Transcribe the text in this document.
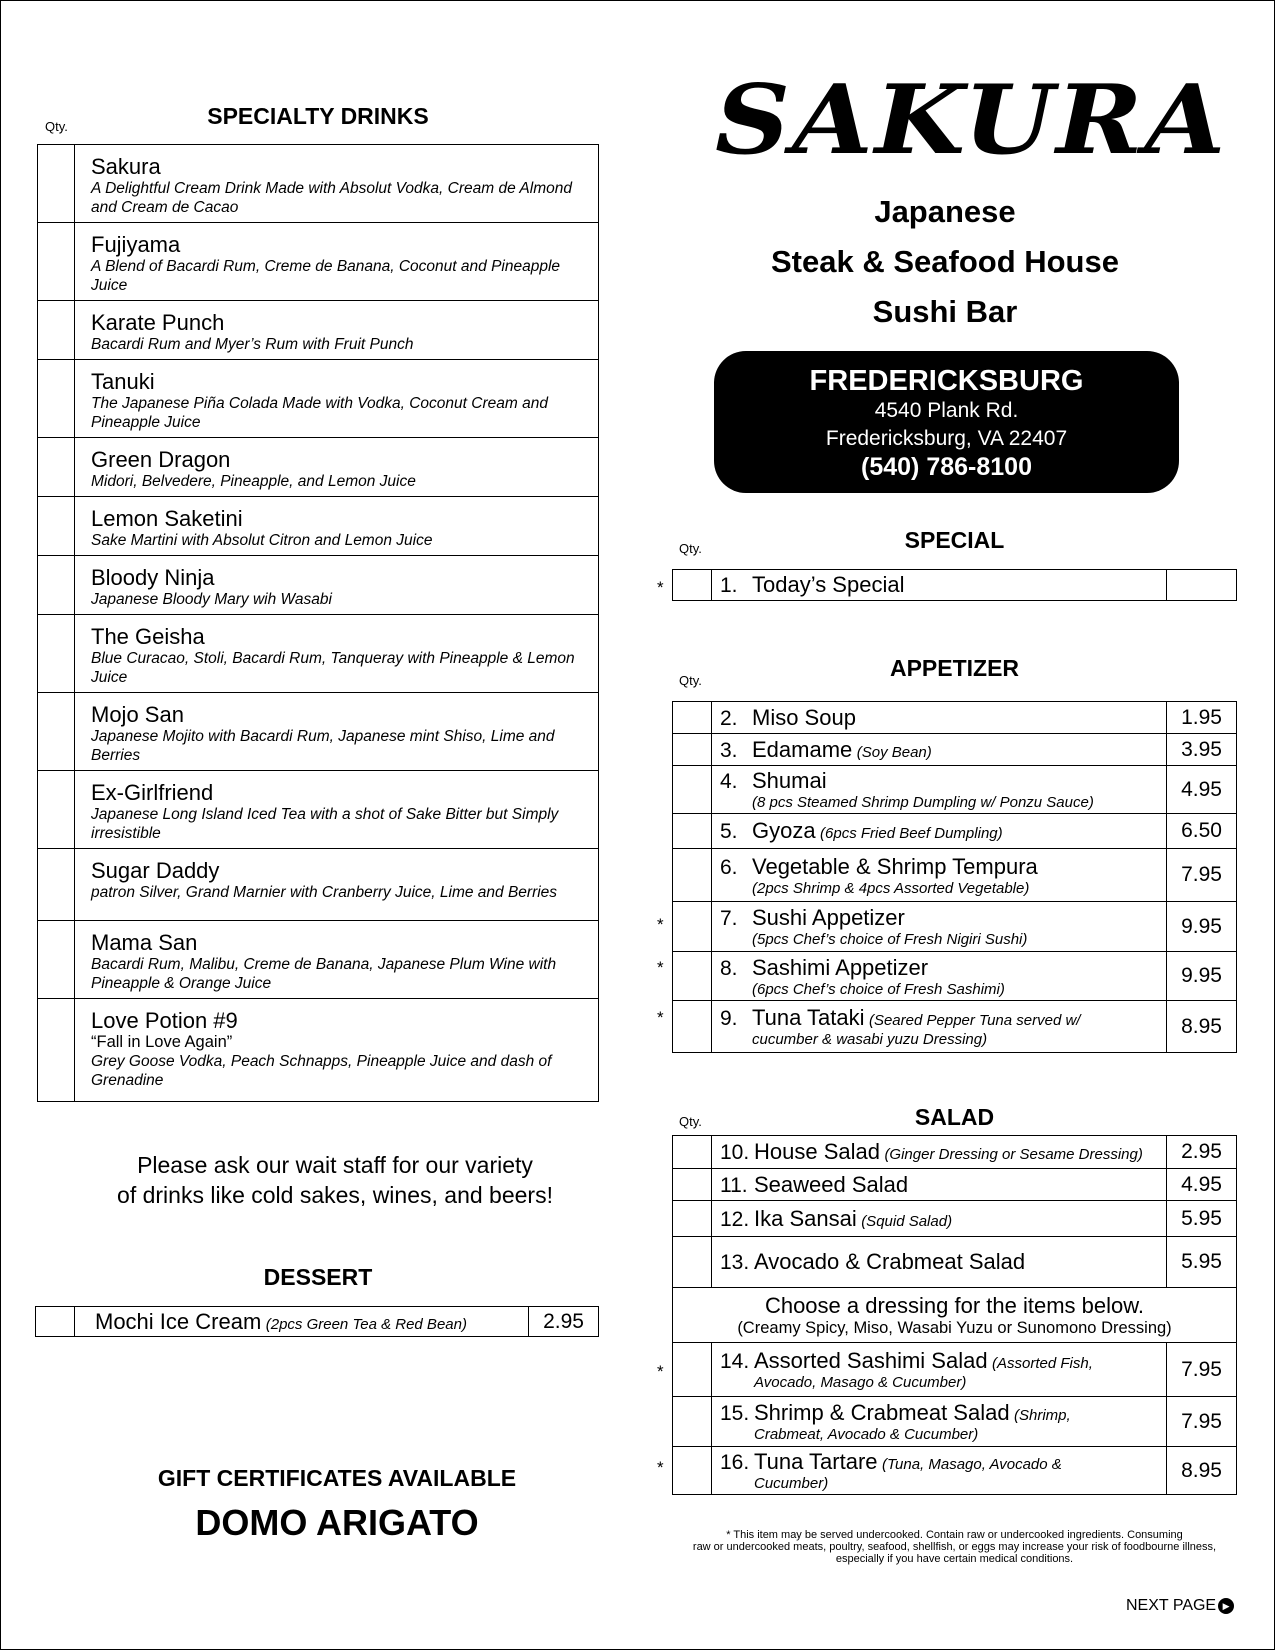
Qty.	SPECIALTY DRINKS

	Sakura
A Delightful Cream Drink Made with Absolut Vodka, Cream de Almond and Cream de Cacao

	Fujiyama
A Blend of Bacardi Rum, Creme de Banana, Coconut and Pineapple Juice

	Karate Punch
Bacardi Rum and Myer’s Rum with Fruit Punch

	Tanuki
The Japanese Piña Colada Made with Vodka, Coconut Cream and Pineapple Juice

	Green Dragon
Midori, Belvedere, Pineapple, and Lemon Juice

	Lemon Saketini
Sake Martini with Absolut Citron and Lemon Juice

	Bloody Ninja
Japanese Bloody Mary wih Wasabi

	The Geisha
Blue Curacao, Stoli, Bacardi Rum, Tanqueray with Pineapple & Lemon Juice

	Mojo San
Japanese Mojito with Bacardi Rum, Japanese mint Shiso, Lime and Berries

	Ex-Girlfriend
Japanese Long Island Iced Tea with a shot of Sake Bitter but Simply irresistible

	Sugar Daddy
patron Silver, Grand Marnier with Cranberry Juice, Lime and Berries

	Mama San
Bacardi Rum, Malibu, Creme de Banana, Japanese Plum Wine with Pineapple & Orange Juice

	Love Potion #9
“Fall in Love Again”
Grey Goose Vodka, Peach Schnapps, Pineapple Juice and dash of Grenadine
Please ask our wait staff for our variety
of drinks like cold sakes, wines, and beers!
DESSERT
	Mochi Ice Cream (2pcs Green Tea & Red Bean)	2.95
GIFT CERTIFICATES AVAILABLE
DOMO ARIGATO
SAKURA
Japanese
Steak & Seafood House
Sushi Bar
FREDERICKSBURG
4540 Plank Rd.
Fredericksburg, VA 22407
(540) 786-8100
Qty.	SPECIAL
*
		1. Today’s Special	
Qty.	APPETIZER
*
*
*
	2. Miso Soup	1.95
	3. Edamame (Soy Bean)	3.95
	4. Shumai
(8 pcs Steamed Shrimp Dumpling w/ Ponzu Sauce)	4.95
	5. Gyoza (6pcs Fried Beef Dumpling)	6.50
	6. Vegetable & Shrimp Tempura
(2pcs Shrimp & 4pcs Assorted Vegetable)	7.95
	7. Sushi Appetizer
(5pcs Chef’s choice of Fresh Nigiri Sushi)	9.95
	8. Sashimi Appetizer
(6pcs Chef’s choice of Fresh Sashimi)	9.95
	9. Tuna Tataki (Seared Pepper Tuna served w/
cucumber & wasabi yuzu Dressing)	8.95
Qty.	SALAD
*
*
	10. House Salad (Ginger Dressing or Sesame Dressing)	2.95
	11. Seaweed Salad	4.95
	12. Ika Sansai (Squid Salad)	5.95
	13. Avocado & Crabmeat Salad	5.95

Choose a dressing for the items below.
(Creamy Spicy, Miso, Wasabi Yuzu or Sunomono Dressing)		

	14. Assorted Sashimi Salad (Assorted Fish,
Avocado, Masago & Cucumber)	7.95
	15. Shrimp & Crabmeat Salad (Shrimp,
Crabmeat, Avocado & Cucumber)	7.95
	16. Tuna Tartare (Tuna, Masago, Avocado &
Cucumber)	8.95
* This item may be served undercooked. Contain raw or undercooked ingredients. Consuming
raw or undercooked meats, poultry, seafood, shellfish, or eggs may increase your risk of foodbourne illness,
especially if you have certain medical conditions.
NEXT PAGE ▶
